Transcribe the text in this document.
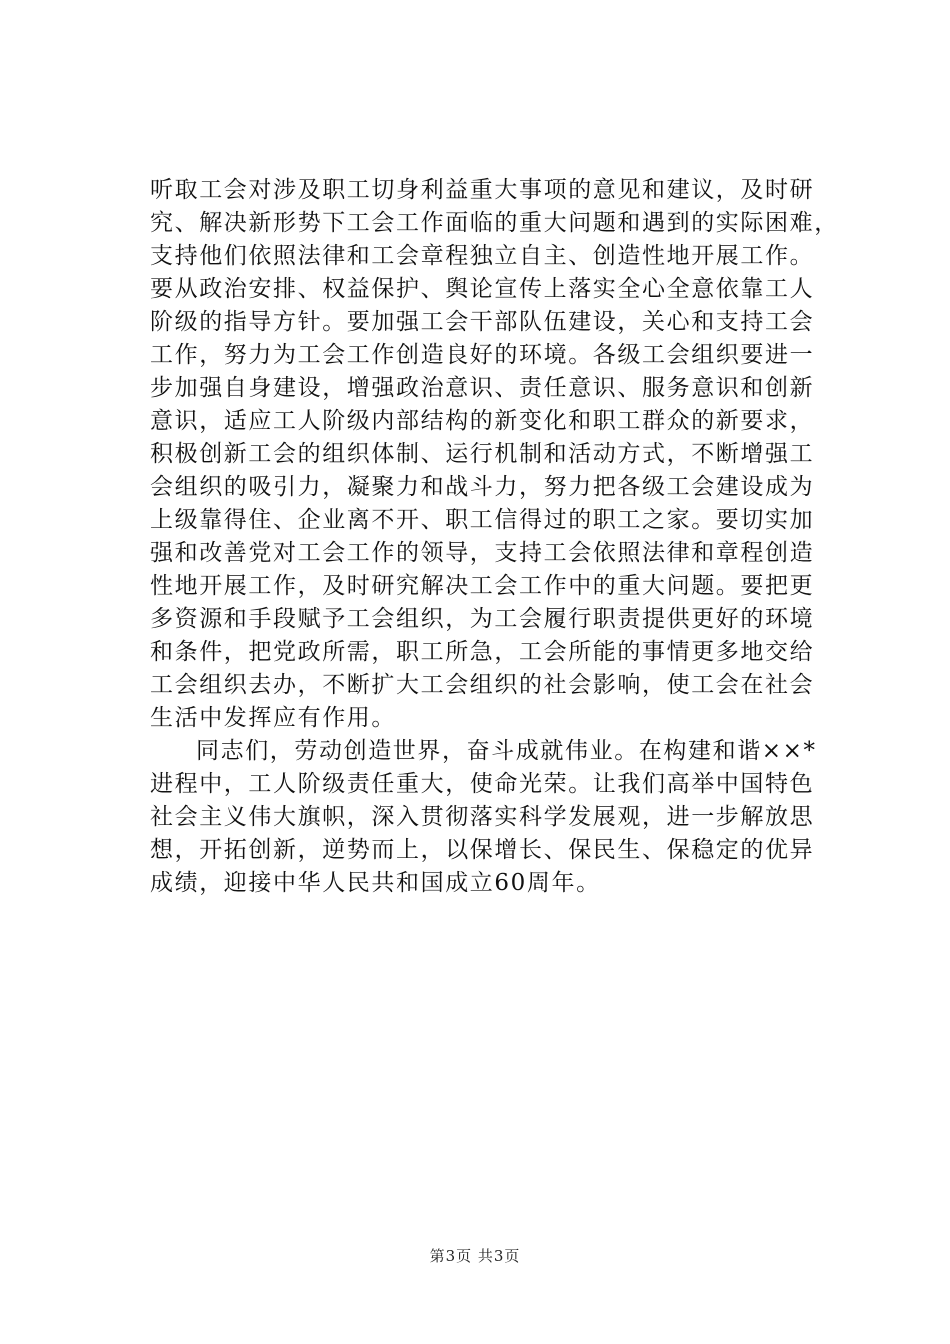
听取工会对涉及职工切身利益重大事项的意见和建议，及时研
究、解决新形势下工会工作面临的重大问题和遇到的实际困难，
支持他们依照法律和工会章程独立自主、创造性地开展工作。
要从政治安排、权益保护、舆论宣传上落实全心全意依靠工人
阶级的指导方针。要加强工会干部队伍建设，关心和支持工会
工作，努力为工会工作创造良好的环境。各级工会组织要进一
步加强自身建设，增强政治意识、责任意识、服务意识和创新
意识，适应工人阶级内部结构的新变化和职工群众的新要求，
积极创新工会的组织体制、运行机制和活动方式，不断增强工
会组织的吸引力，凝聚力和战斗力，努力把各级工会建设成为
上级靠得住、企业离不开、职工信得过的职工之家。要切实加
强和改善党对工会工作的领导，支持工会依照法律和章程创造
性地开展工作，及时研究解决工会工作中的重大问题。要把更
多资源和手段赋予工会组织，为工会履行职责提供更好的环境
和条件，把党政所需，职工所急，工会所能的事情更多地交给
工会组织去办，不断扩大工会组织的社会影响，使工会在社会
生活中发挥应有作用。
同志们，劳动创造世界，奋斗成就伟业。在构建和谐××*
进程中，工人阶级责任重大，使命光荣。让我们高举中国特色
社会主义伟大旗帜，深入贯彻落实科学发展观，进一步解放思
想，开拓创新，逆势而上，以保增长、保民生、保稳定的优异
成绩，迎接中华人民共和国成立60周年。
第3页 共3页
